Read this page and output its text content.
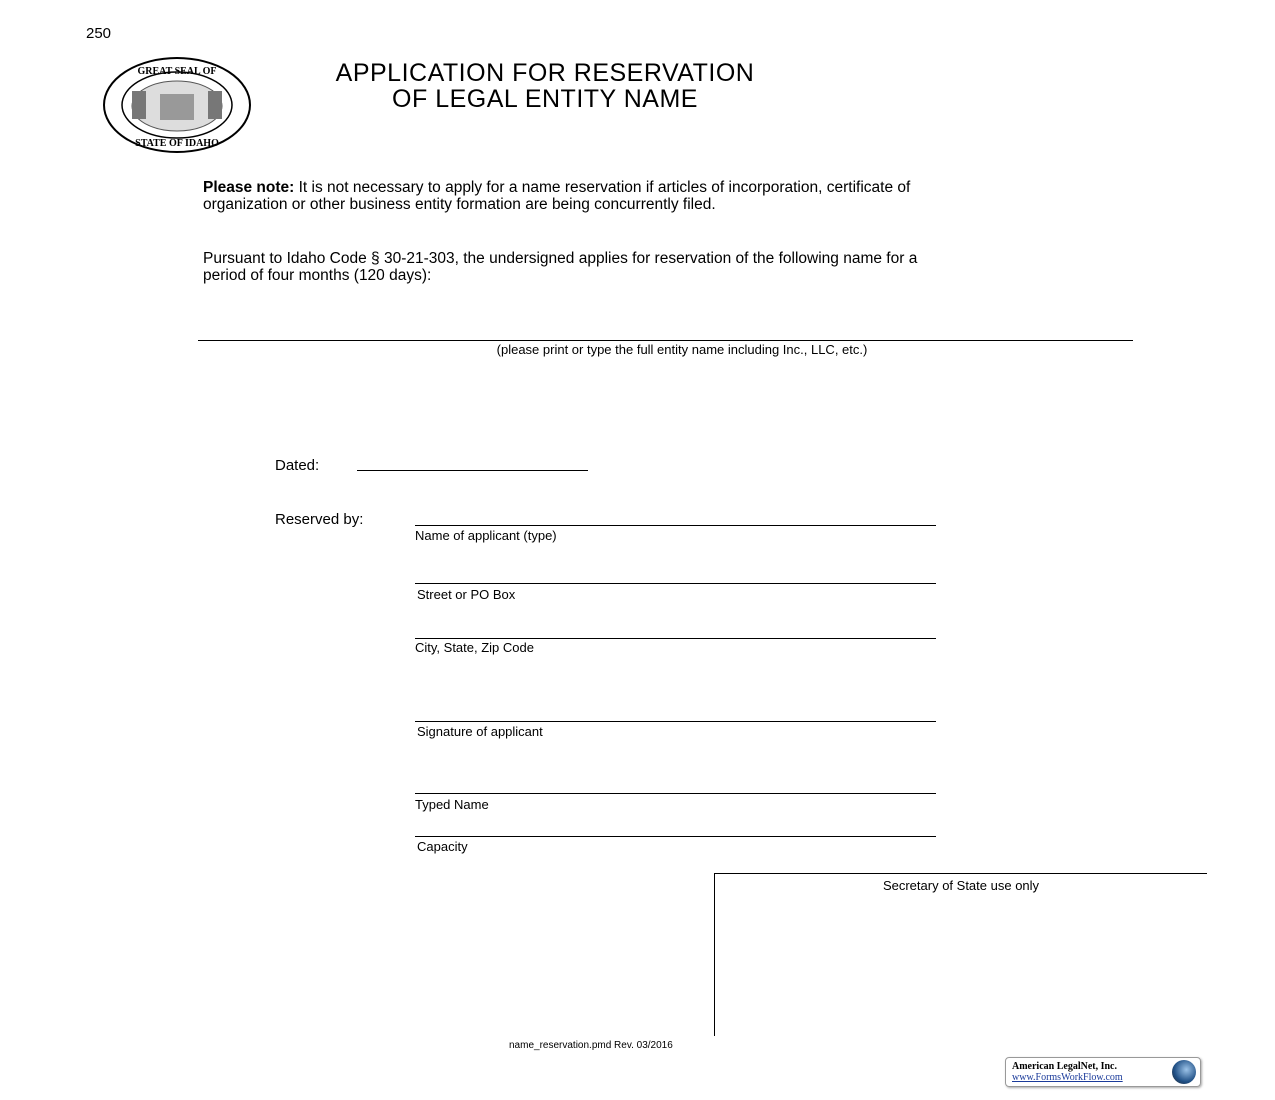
250
GREAT SEAL OF
STATE OF IDAHO
APPLICATION FOR RESERVATION
OF LEGAL ENTITY NAME
Please note: It is not necessary to apply for a name reservation if articles of incorporation, certificate of organization or other business entity formation are being concurrently filed.
Pursuant to Idaho Code § 30-21-303, the undersigned applies for reservation of the following name for a period of four months (120 days):
(please print or type the full entity name including Inc., LLC, etc.)
Dated:
Reserved by:
Name of applicant (type)
Street or PO Box
City, State, Zip Code
Signature of applicant
Typed Name
Capacity
Secretary of State use only
name_reservation.pmd Rev. 03/2016
American LegalNet, Inc.
www.FormsWorkFlow.com
